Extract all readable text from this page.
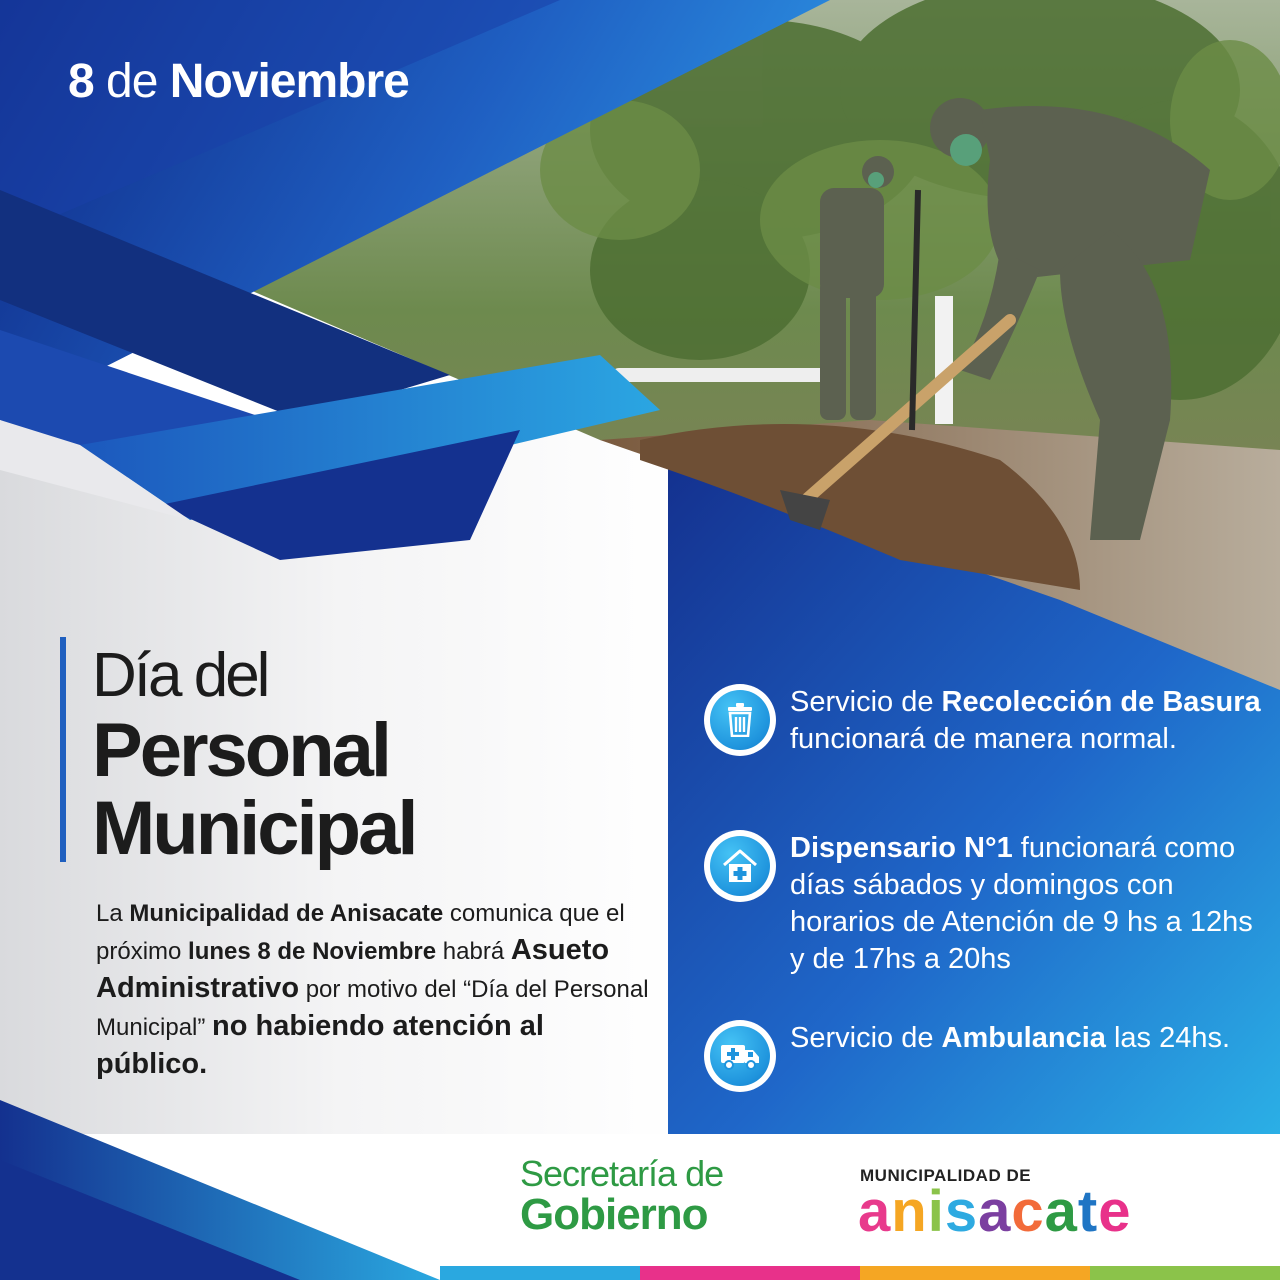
8 de Noviembre
Día del
Personal
Municipal
La Municipalidad de Anisacate comunica que el próximo lunes 8 de Noviembre habrá Asueto Administrativo por motivo del “Día del Personal Municipal” no habiendo atención al público.
Servicio de Recolección de Basura funcionará de manera normal.
Dispensario N°1 funcionará como días sábados y domingos con horarios de Atención de 9 hs a 12hs y de 17hs a 20hs
Servicio de Ambulancia las 24hs.
Secretaría de
Gobierno
MUNICIPALIDAD DE
anisacate
